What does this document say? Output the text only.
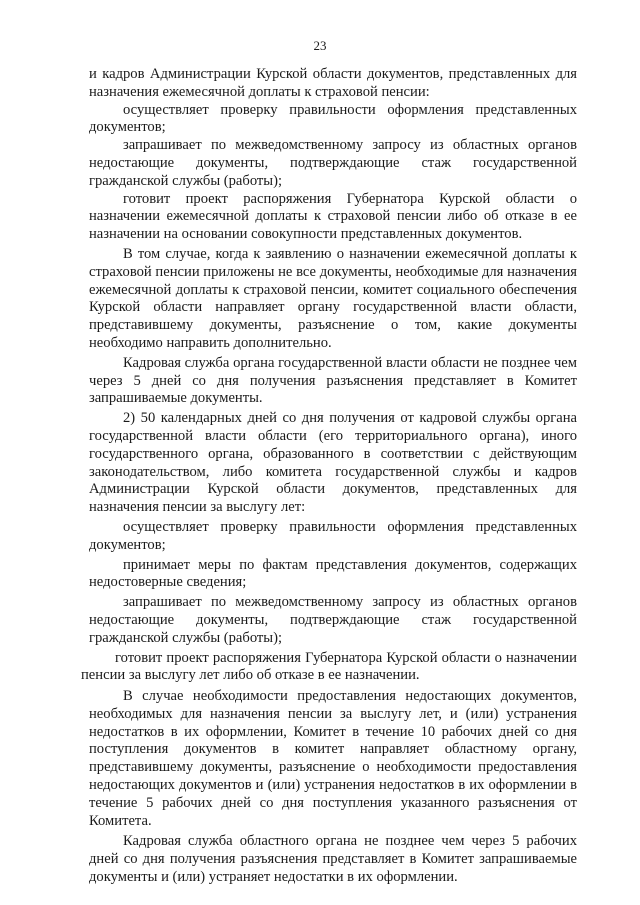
23

и кадров Администрации Курской области документов, представленных для назначения ежемесячной доплаты к страховой пенсии:

осуществляет проверку правильности оформления представленных документов;

запрашивает по межведомственному запросу из областных органов недостающие документы, подтверждающие стаж государственной гражданской службы (работы);

готовит проект распоряжения Губернатора Курской области о назначении ежемесячной доплаты к страховой пенсии либо об отказе в ее назначении на основании совокупности представленных документов.

В том случае, когда к заявлению о назначении ежемесячной доплаты к страховой пенсии приложены не все документы, необходимые для назначения ежемесячной доплаты к страховой пенсии, комитет социального обеспечения Курской области направляет органу государственной власти области, представившему документы, разъяснение о том, какие документы необходимо направить дополнительно.

Кадровая служба органа государственной власти области не позднее чем через 5 дней со дня получения разъяснения представляет в Комитет запрашиваемые документы.

2) 50 календарных дней со дня получения от кадровой службы органа государственной власти области (его территориального органа), иного государственного органа, образованного в соответствии с действующим законодательством, либо комитета государственной службы и кадров Администрации Курской области документов, представленных для назначения пенсии за выслугу лет:

осуществляет проверку правильности оформления представленных документов;

принимает меры по фактам представления документов, содержащих недостоверные сведения;

запрашивает по межведомственному запросу из областных органов недостающие документы, подтверждающие стаж государственной гражданской службы (работы);

готовит проект распоряжения Губернатора Курской области о назначении пенсии за выслугу лет либо об отказе в ее назначении.

В случае необходимости предоставления недостающих документов, необходимых для назначения пенсии за выслугу лет, и (или) устранения недостатков в их оформлении, Комитет в течение 10 рабочих дней со дня поступления документов в комитет направляет областному органу, представившему документы, разъяснение о необходимости предоставления недостающих документов и (или) устранения недостатков в их оформлении в течение 5 рабочих дней со дня поступления указанного разъяснения от Комитета.

Кадровая служба областного органа не позднее чем через 5 рабочих дней со дня получения разъяснения представляет в Комитет запрашиваемые документы и (или) устраняет недостатки в их оформлении.
